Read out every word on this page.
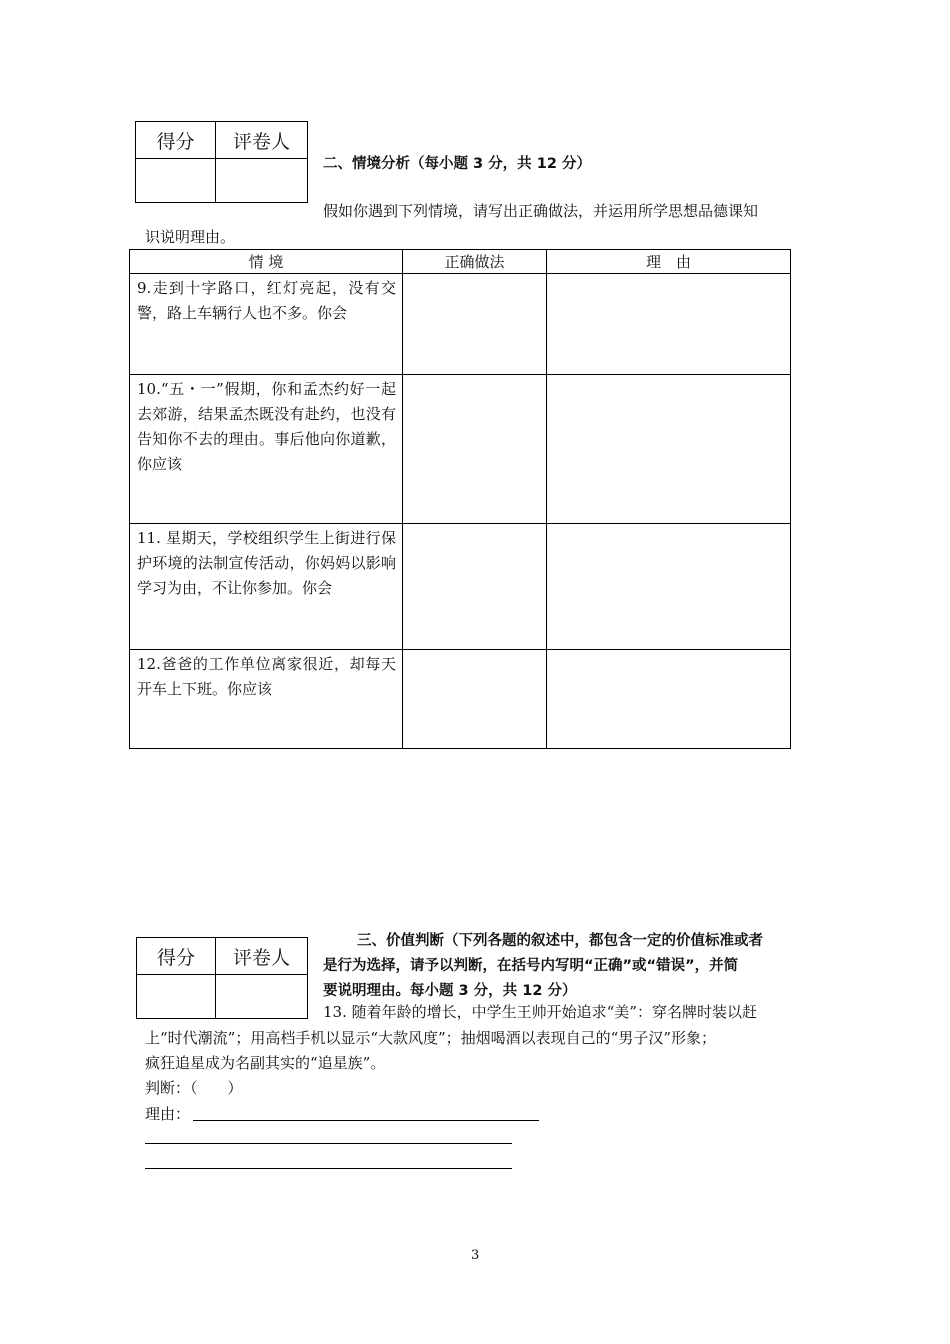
得分	评卷人

二、情境分析（每小题 3 分，共 12 分）
假如你遇到下列情境，请写出正确做法，并运用所学思想品德课知
识说明理由。
情 境	正确做法	理　由
9.走到十字路口，红灯亮起，没有交警，路上车辆行人也不多。你会		
10.“五・一”假期，你和孟杰约好一起去郊游，结果孟杰既没有赴约，也没有告知你不去的理由。事后他向你道歉，你应该		
11. 星期天，学校组织学生上街进行保护环境的法制宣传活动，你妈妈以影响学习为由，不让你参加。你会		
12.爸爸的工作单位离家很近，却每天开车上下班。你应该		
得分	评卷人

三、价值判断（下列各题的叙述中，都包含一定的价值标准或者
是行为选择，请予以判断，在括号内写明“正确”或“错误”，并简
要说明理由。每小题 3 分，共 12 分）
13. 随着年龄的增长，中学生王帅开始追求“美”：穿名牌时装以赶
上“时代潮流”；用高档手机以显示“大款风度”；抽烟喝酒以表现自己的“男子汉”形象；
疯狂追星成为名副其实的“追星族”。
判断：（　　）
理由：
3
